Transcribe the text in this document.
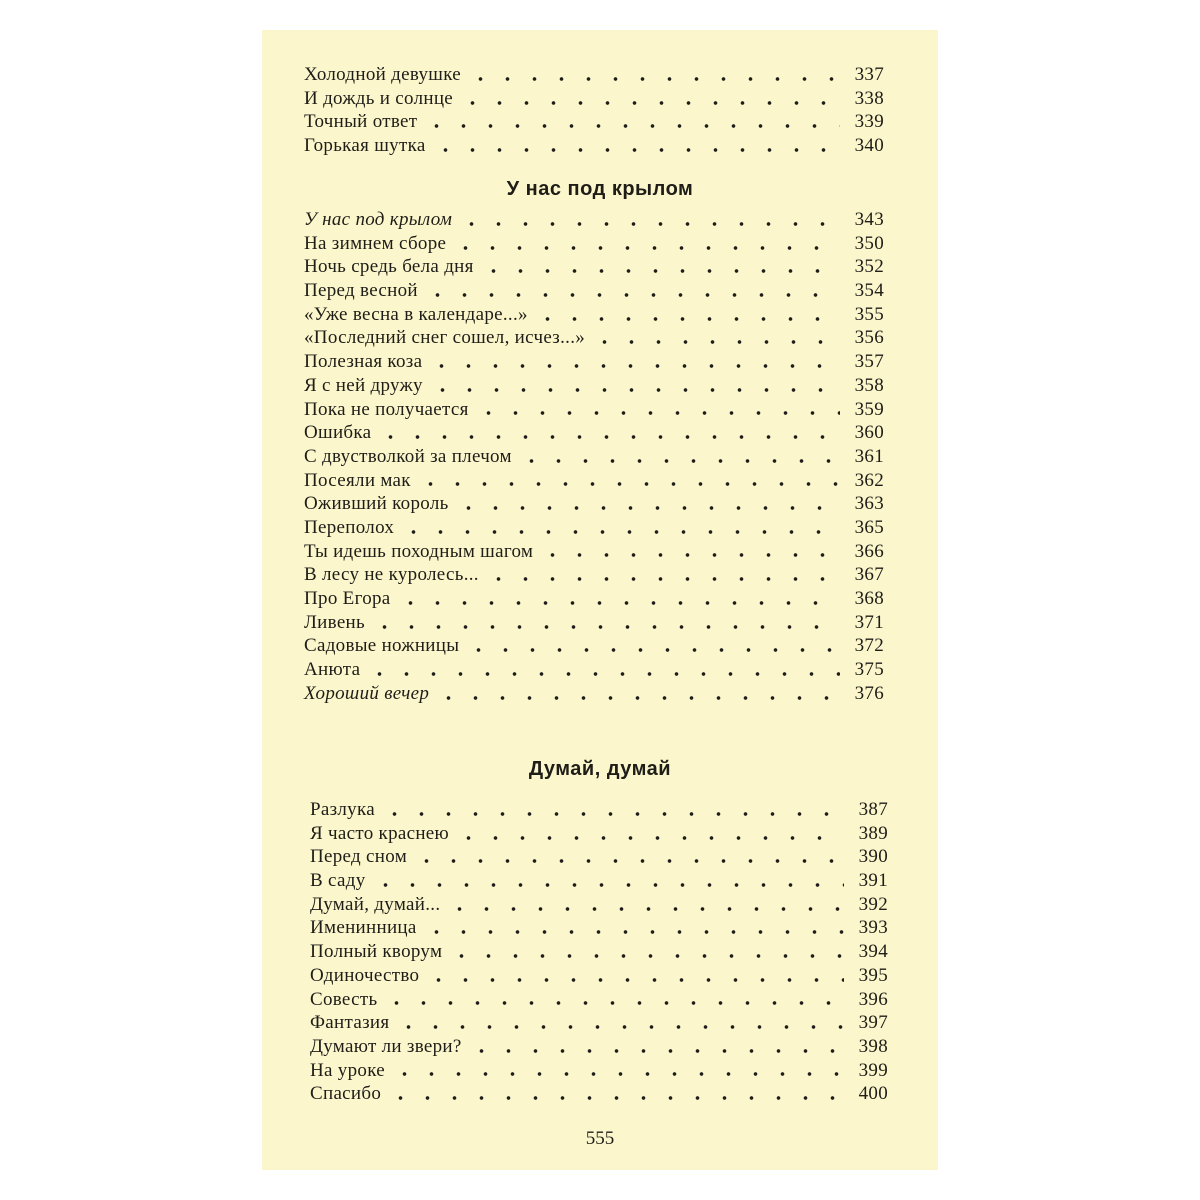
Холодной девушке	337
И дождь и солнце	338
Точный ответ	339
Горькая шутка	340
У нас под крылом
У нас под крылом	343
На зимнем сборе	350
Ночь средь бела дня	352
Перед весной	354
«Уже весна в календаре...»	355
«Последний снег сошел, исчез...»	356
Полезная коза	357
Я с ней дружу	358
Пока не получается	359
Ошибка	360
С двустволкой за плечом	361
Посеяли мак	362
Оживший король	363
Переполох	365
Ты идешь походным шагом	366
В лесу не куролесь...	367
Про Егора	368
Ливень	371
Садовые ножницы	372
Анюта	375
Хороший вечер	376
Думай, думай
Разлука	387
Я часто краснею	389
Перед сном	390
В саду	391
Думай, думай...	392
Именинница	393
Полный кворум	394
Одиночество	395
Совесть	396
Фантазия	397
Думают ли звери?	398
На уроке	399
Спасибо	400
555
